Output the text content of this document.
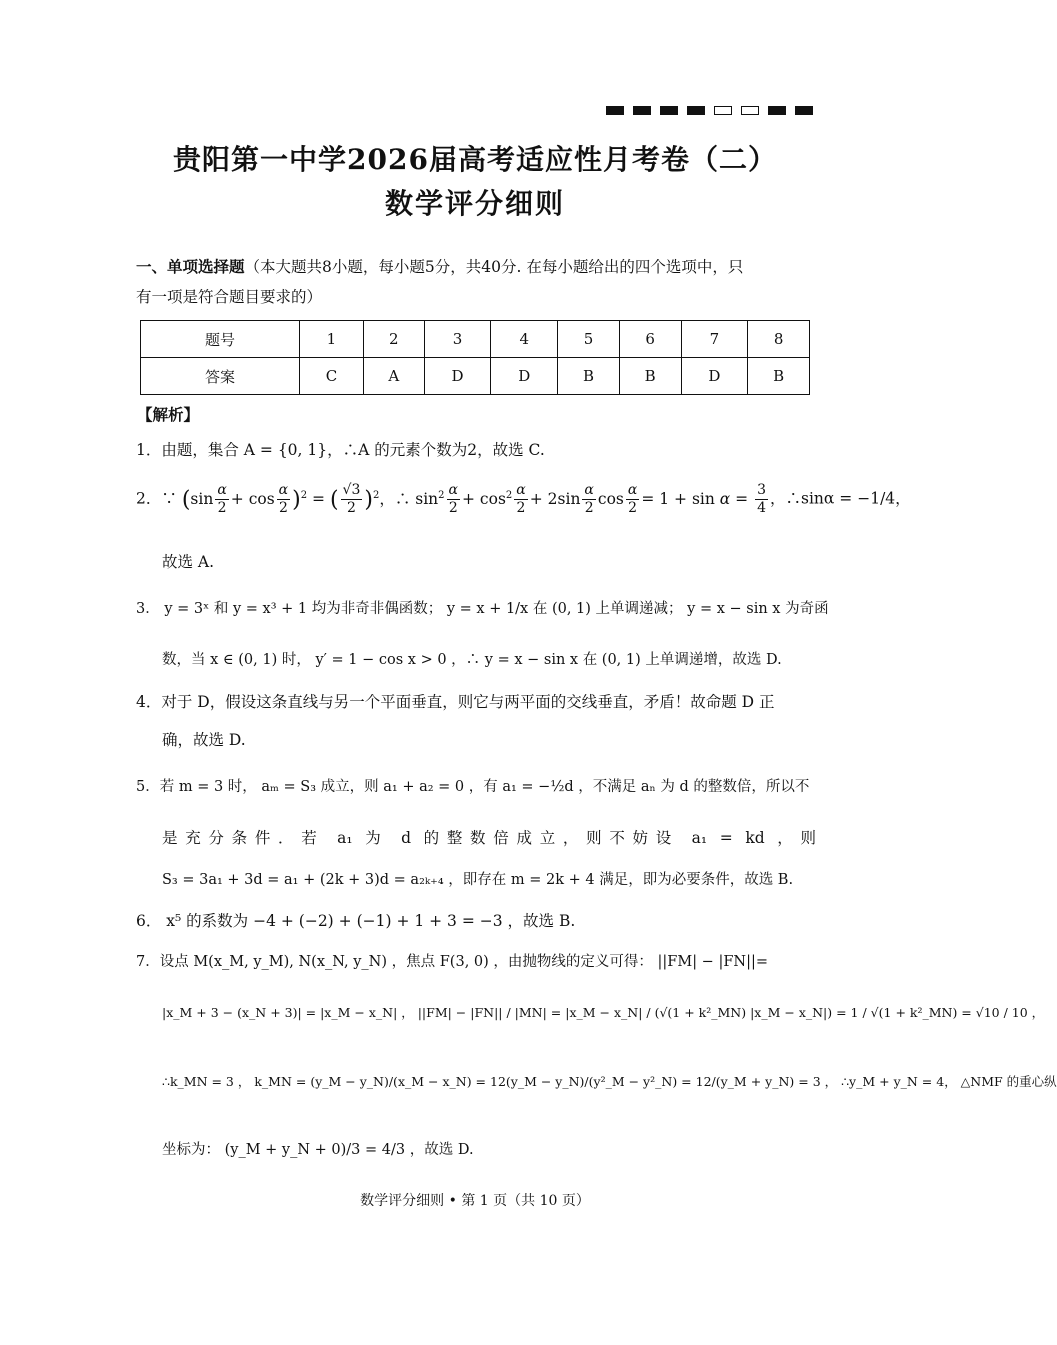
贵阳第一中学2026届高考适应性月考卷（二）
数学评分细则
一、单项选择题（本大题共8小题，每小题5分，共40分. 在每小题给出的四个选项中，只
有一项是符合题目要求的）
题号	1	2	3	4	5	6	7	8
答案	C	A	D	D	B	B	D	B
【解析】
1．由题，集合 A = {0, 1}，∴A 的元素个数为2，故选 C.
2．∵ $(\sin \frac{\alpha}{2} + \cos \frac{\alpha}{2} )^2$ = ( $\frac{√3}{2} )^2$，∴ $\sin^2 \frac{\alpha}{2} + \cos^2 \frac{\alpha}{2} + 2\sin \frac{\alpha}{2}$ $\cos \frac{\alpha}{2} = 1 + \sin \alpha = \frac{3}{4}$ ，∴sinα = −1/4，
故选 A.
3． y = 3ˣ 和 y = x³ + 1 均为非奇非偶函数； y = x + 1/x 在 (0, 1) 上单调递减； y = x − sin x 为奇函
数，当 x ∈ (0, 1) 时， y′ = 1 − cos x > 0 ，∴ y = x − sin x 在 (0, 1) 上单调递增，故选 D.
4．对于 D，假设这条直线与另一个平面垂直，则它与两平面的交线垂直，矛盾！故命题 D 正
确，故选 D.
5．若 m = 3 时， aₘ = S₃ 成立，则 a₁ + a₂ = 0 ，有 a₁ = −½d ，不满足 aₙ 为 d 的整数倍，所以不
是充分条件．若 a₁ 为 d 的整数倍成立，则不妨设 a₁ = kd ，则
S₃ = 3a₁ + 3d = a₁ + (2k + 3)d = a₂ₖ₊₄ ，即存在 m = 2k + 4 满足，即为必要条件，故选 B.
6． x⁵ 的系数为 −4 + (−2) + (−1) + 1 + 3 = −3 ，故选 B.
7．设点 M(x_M, y_M), N(x_N, y_N) ，焦点 F(3, 0) ，由抛物线的定义可得： ||FM| − |FN||=
|x_M + 3 − (x_N + 3)| = |x_M − x_N| ， ||FM| − |FN|| / |MN| = |x_M − x_N| / (√(1 + k²_MN) |x_M − x_N|) = 1 / √(1 + k²_MN) = √10 / 10 ，
∴k_MN = 3 ， k_MN = (y_M − y_N)/(x_M − x_N) = 12(y_M − y_N)/(y²_M − y²_N) = 12/(y_M + y_N) = 3 ， ∴y_M + y_N = 4， △NMF 的重心纵
坐标为： (y_M + y_N + 0)/3 = 4/3 ，故选 D.
数学评分细则 • 第 1 页（共 10 页）
